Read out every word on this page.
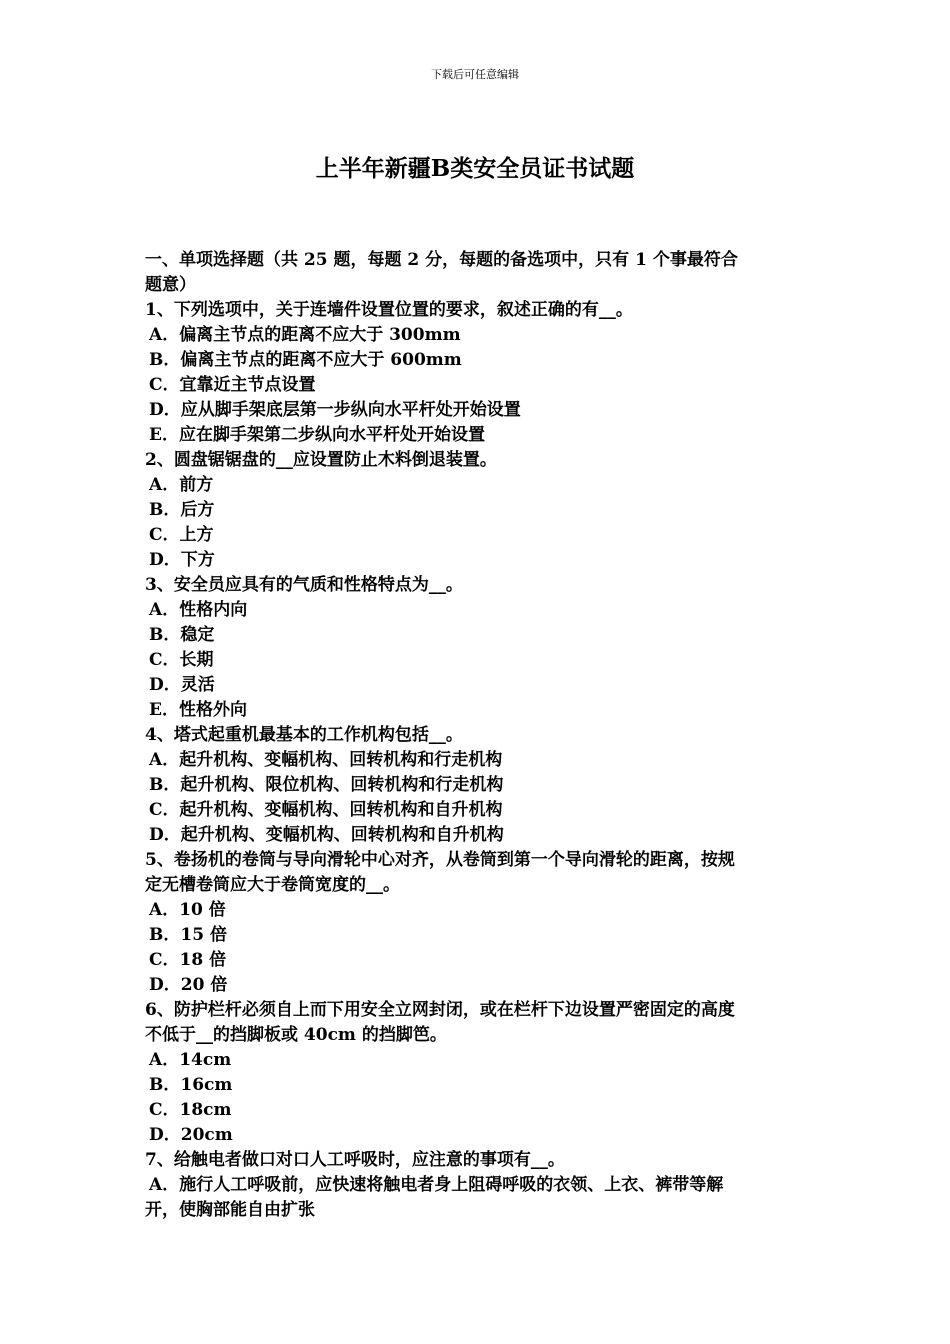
下载后可任意编辑
上半年新疆B类安全员证书试题
一、单项选择题（共 25 题，每题 2 分，每题的备选项中，只有 1 个事最符合
题意）
1、下列选项中，关于连墙件设置位置的要求，叙述正确的有__。
A．偏离主节点的距离不应大于 300mm
B．偏离主节点的距离不应大于 600mm
C．宜靠近主节点设置
D．应从脚手架底层第一步纵向水平杆处开始设置
E．应在脚手架第二步纵向水平杆处开始设置
2、圆盘锯锯盘的__应设置防止木料倒退装置。
A．前方
B．后方
C．上方
D．下方
3、安全员应具有的气质和性格特点为__。
A．性格内向
B．稳定
C．长期
D．灵活
E．性格外向
4、塔式起重机最基本的工作机构包括__。
A．起升机构、变幅机构、回转机构和行走机构
B．起升机构、限位机构、回转机构和行走机构
C．起升机构、变幅机构、回转机构和自升机构
D．起升机构、变幅机构、回转机构和自升机构
5、卷扬机的卷筒与导向滑轮中心对齐，从卷筒到第一个导向滑轮的距离，按规
定无槽卷筒应大于卷筒宽度的__。
A．10 倍
B．15 倍
C．18 倍
D．20 倍
6、防护栏杆必须自上而下用安全立网封闭，或在栏杆下边设置严密固定的高度
不低于__的挡脚板或 40cm 的挡脚笆。
A．14cm
B．16cm
C．18cm
D．20cm
7、给触电者做口对口人工呼吸时，应注意的事项有__。
A．施行人工呼吸前，应快速将触电者身上阻碍呼吸的衣领、上衣、裤带等解
开，使胸部能自由扩张
